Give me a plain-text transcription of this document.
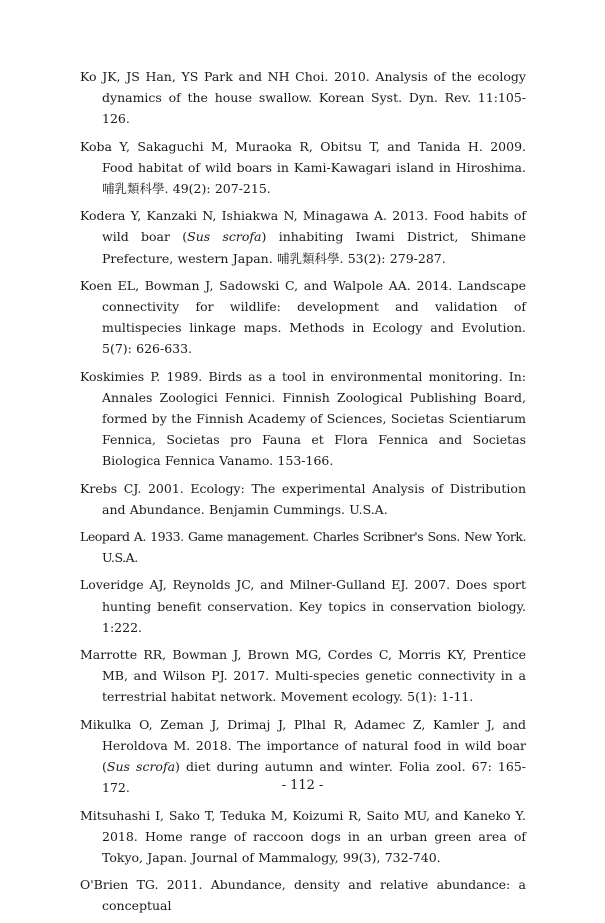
Ko JK, JS Han, YS Park and NH Choi. 2010. Analysis of the ecology dynamics of the house swallow. Korean Syst. Dyn. Rev. 11:105-126.

Koba Y, Sakaguchi M, Muraoka R, Obitsu T, and Tanida H. 2009. Food habitat of wild boars in Kami-Kawagari island in Hiroshima. 哺乳類科學. 49(2): 207-215.

Kodera Y, Kanzaki N, Ishiakwa N, Minagawa A. 2013. Food habits of wild boar (Sus scrofa) inhabiting Iwami District, Shimane Prefecture, western Japan. 哺乳類科學. 53(2): 279-287.

Koen EL, Bowman J, Sadowski C, and Walpole AA. 2014. Landscape connectivity for wildlife: development and validation of multispecies linkage maps. Methods in Ecology and Evolution. 5(7): 626-633.

Koskimies P. 1989. Birds as a tool in environmental monitoring. In: Annales Zoologici Fennici. Finnish Zoological Publishing Board, formed by the Finnish Academy of Sciences, Societas Scientiarum Fennica, Societas pro Fauna et Flora Fennica and Societas Biologica Fennica Vanamo. 153-166.

Krebs CJ. 2001. Ecology: The experimental Analysis of Distribution and Abundance. Benjamin Cummings. U.S.A.

Leopard A. 1933. Game management. Charles Scribner's Sons. New York. U.S.A.

Loveridge AJ, Reynolds JC, and Milner-Gulland EJ. 2007. Does sport hunting benefit conservation. Key topics in conservation biology. 1:222.

Marrotte RR, Bowman J, Brown MG, Cordes C, Morris KY, Prentice MB, and Wilson PJ. 2017. Multi-species genetic connectivity in a terrestrial habitat network. Movement ecology. 5(1): 1-11.

Mikulka O, Zeman J, Drimaj J, Plhal R, Adamec Z, Kamler J, and Heroldova M. 2018. The importance of natural food in wild boar (Sus scrofa) diet during autumn and winter. Folia zool. 67: 165-172.

Mitsuhashi I, Sako T, Teduka M, Koizumi R, Saito MU, and Kaneko Y. 2018. Home range of raccoon dogs in an urban green area of Tokyo, Japan. Journal of Mammalogy, 99(3), 732-740.

O'Brien TG. 2011. Abundance, density and relative abundance: a conceptual

- 112 -
